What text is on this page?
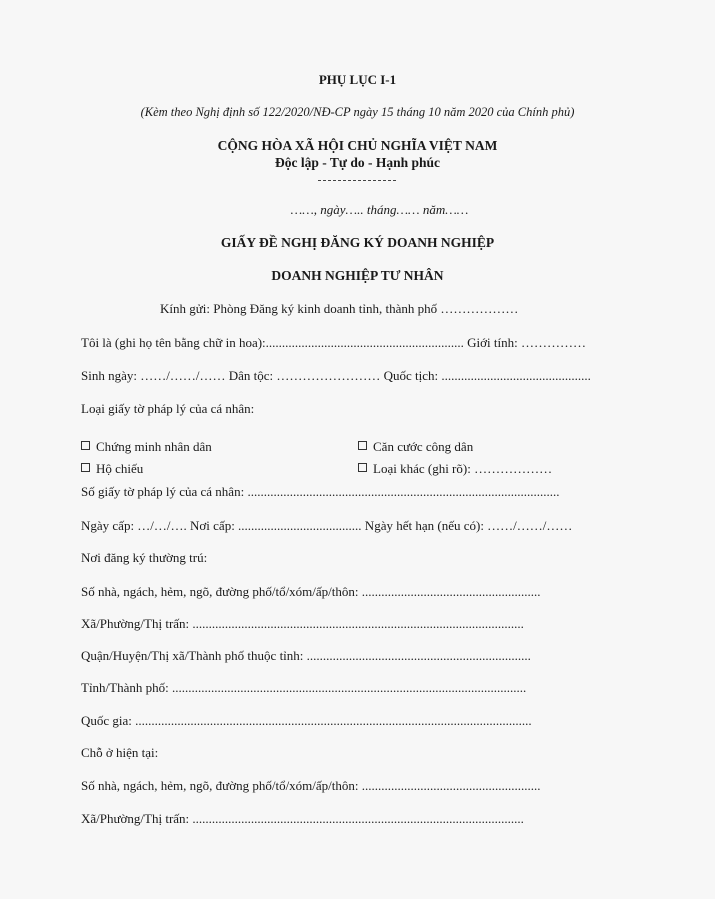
PHỤ LỤC I-1
(Kèm theo Nghị định số 122/2020/NĐ-CP ngày 15 tháng 10 năm 2020 của Chính phủ)
CỘNG HÒA XÃ HỘI CHỦ NGHĨA VIỆT NAM
Độc lập - Tự do - Hạnh phúc
……, ngày….. tháng…… năm……
GIẤY ĐỀ NGHỊ ĐĂNG KÝ DOANH NGHIỆP
DOANH NGHIỆP TƯ NHÂN
Kính gửi: Phòng Đăng ký kinh doanh tỉnh, thành phố ………………
Tôi là (ghi họ tên bằng chữ in hoa):............................................................. Giới tính: ……………
Sinh ngày: ……/……/…… Dân tộc: …………………… Quốc tịch: ..............................................
Loại giấy tờ pháp lý của cá nhân:
Chứng minh nhân dân	Căn cước công dân
Hộ chiếu	Loại khác (ghi rõ): ………………
Số giấy tờ pháp lý của cá nhân: ................................................................................................
Ngày cấp: …/…/…. Nơi cấp: ...................................... Ngày hết hạn (nếu có): ……/……/……
Nơi đăng ký thường trú:
Số nhà, ngách, hẻm, ngõ, đường phố/tổ/xóm/ấp/thôn: .......................................................
Xã/Phường/Thị trấn: ......................................................................................................
Quận/Huyện/Thị xã/Thành phố thuộc tỉnh: .....................................................................
Tỉnh/Thành phố: .............................................................................................................
Quốc gia: ..........................................................................................................................
Chỗ ở hiện tại:
Số nhà, ngách, hẻm, ngõ, đường phố/tổ/xóm/ấp/thôn: .......................................................
Xã/Phường/Thị trấn: ......................................................................................................
